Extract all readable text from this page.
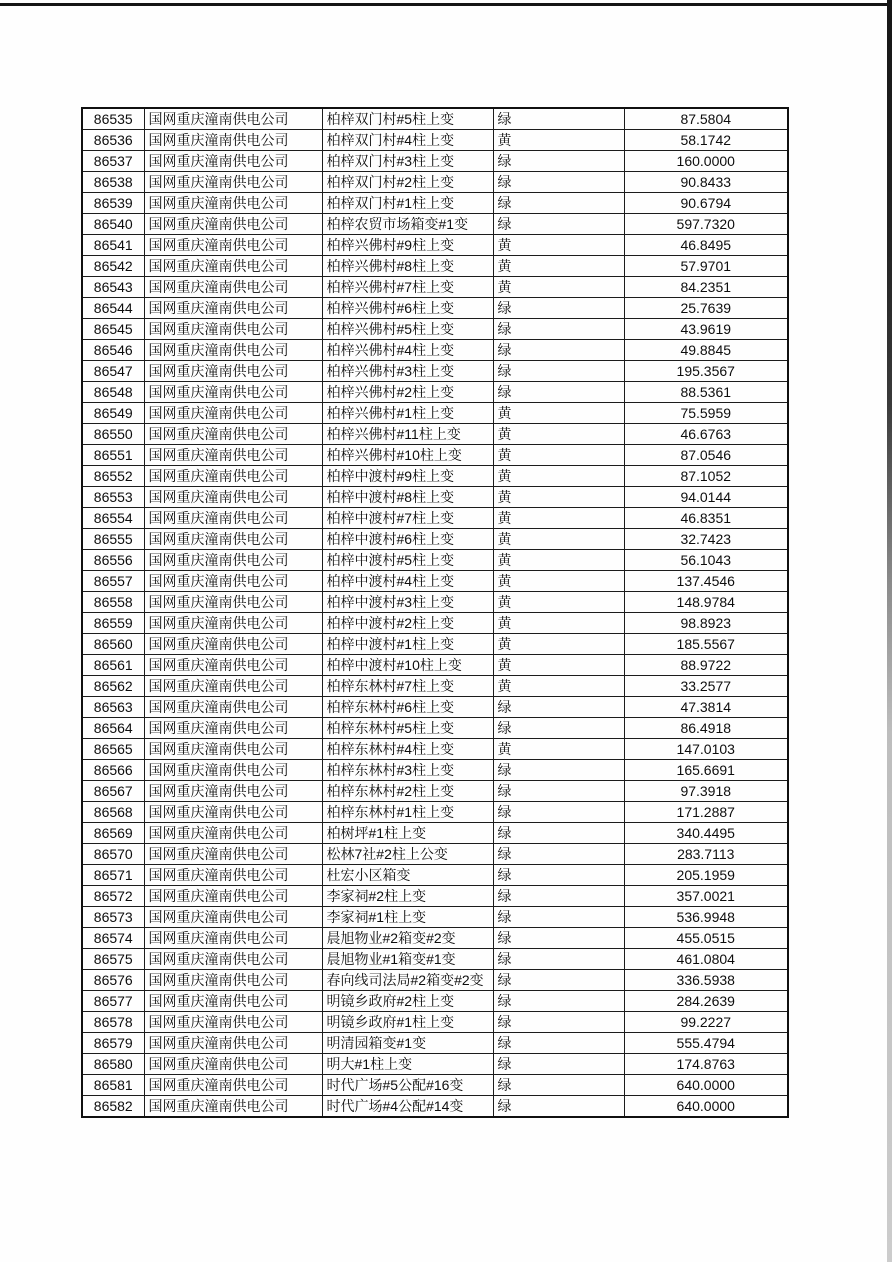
86535	国网重庆潼南供电公司	柏梓双门村#5柱上变	绿	87.5804
86536	国网重庆潼南供电公司	柏梓双门村#4柱上变	黄	58.1742
86537	国网重庆潼南供电公司	柏梓双门村#3柱上变	绿	160.0000
86538	国网重庆潼南供电公司	柏梓双门村#2柱上变	绿	90.8433
86539	国网重庆潼南供电公司	柏梓双门村#1柱上变	绿	90.6794
86540	国网重庆潼南供电公司	柏梓农贸市场箱变#1变	绿	597.7320
86541	国网重庆潼南供电公司	柏梓兴佛村#9柱上变	黄	46.8495
86542	国网重庆潼南供电公司	柏梓兴佛村#8柱上变	黄	57.9701
86543	国网重庆潼南供电公司	柏梓兴佛村#7柱上变	黄	84.2351
86544	国网重庆潼南供电公司	柏梓兴佛村#6柱上变	绿	25.7639
86545	国网重庆潼南供电公司	柏梓兴佛村#5柱上变	绿	43.9619
86546	国网重庆潼南供电公司	柏梓兴佛村#4柱上变	绿	49.8845
86547	国网重庆潼南供电公司	柏梓兴佛村#3柱上变	绿	195.3567
86548	国网重庆潼南供电公司	柏梓兴佛村#2柱上变	绿	88.5361
86549	国网重庆潼南供电公司	柏梓兴佛村#1柱上变	黄	75.5959
86550	国网重庆潼南供电公司	柏梓兴佛村#11柱上变	黄	46.6763
86551	国网重庆潼南供电公司	柏梓兴佛村#10柱上变	黄	87.0546
86552	国网重庆潼南供电公司	柏梓中渡村#9柱上变	黄	87.1052
86553	国网重庆潼南供电公司	柏梓中渡村#8柱上变	黄	94.0144
86554	国网重庆潼南供电公司	柏梓中渡村#7柱上变	黄	46.8351
86555	国网重庆潼南供电公司	柏梓中渡村#6柱上变	黄	32.7423
86556	国网重庆潼南供电公司	柏梓中渡村#5柱上变	黄	56.1043
86557	国网重庆潼南供电公司	柏梓中渡村#4柱上变	黄	137.4546
86558	国网重庆潼南供电公司	柏梓中渡村#3柱上变	黄	148.9784
86559	国网重庆潼南供电公司	柏梓中渡村#2柱上变	黄	98.8923
86560	国网重庆潼南供电公司	柏梓中渡村#1柱上变	黄	185.5567
86561	国网重庆潼南供电公司	柏梓中渡村#10柱上变	黄	88.9722
86562	国网重庆潼南供电公司	柏梓东林村#7柱上变	黄	33.2577
86563	国网重庆潼南供电公司	柏梓东林村#6柱上变	绿	47.3814
86564	国网重庆潼南供电公司	柏梓东林村#5柱上变	绿	86.4918
86565	国网重庆潼南供电公司	柏梓东林村#4柱上变	黄	147.0103
86566	国网重庆潼南供电公司	柏梓东林村#3柱上变	绿	165.6691
86567	国网重庆潼南供电公司	柏梓东林村#2柱上变	绿	97.3918
86568	国网重庆潼南供电公司	柏梓东林村#1柱上变	绿	171.2887
86569	国网重庆潼南供电公司	柏树坪#1柱上变	绿	340.4495
86570	国网重庆潼南供电公司	松林7社#2柱上公变	绿	283.7113
86571	国网重庆潼南供电公司	杜宏小区箱变	绿	205.1959
86572	国网重庆潼南供电公司	李家祠#2柱上变	绿	357.0021
86573	国网重庆潼南供电公司	李家祠#1柱上变	绿	536.9948
86574	国网重庆潼南供电公司	晨旭物业#2箱变#2变	绿	455.0515
86575	国网重庆潼南供电公司	晨旭物业#1箱变#1变	绿	461.0804
86576	国网重庆潼南供电公司	春向线司法局#2箱变#2变	绿	336.5938
86577	国网重庆潼南供电公司	明镜乡政府#2柱上变	绿	284.2639
86578	国网重庆潼南供电公司	明镜乡政府#1柱上变	绿	99.2227
86579	国网重庆潼南供电公司	明清园箱变#1变	绿	555.4794
86580	国网重庆潼南供电公司	明大#1柱上变	绿	174.8763
86581	国网重庆潼南供电公司	时代广场#5公配#16变	绿	640.0000
86582	国网重庆潼南供电公司	时代广场#4公配#14变	绿	640.0000
